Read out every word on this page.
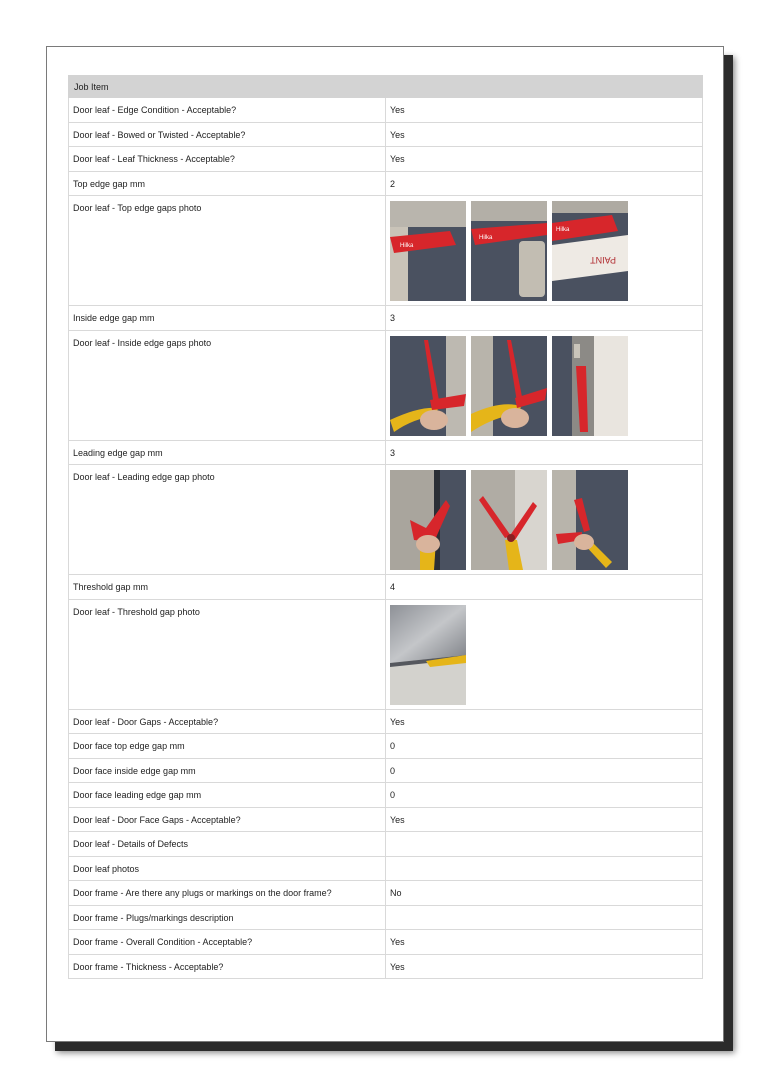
Job Item	
Door leaf - Edge Condition - Acceptable?	Yes
Door leaf - Bowed or Twisted - Acceptable?	Yes
Door leaf - Leaf Thickness - Acceptable?	Yes
Top edge gap mm	2
Door leaf - Top edge gaps photo	Hilka
Hilka
Hilka
PAINT

Inside edge gap mm	3
Door leaf - Inside edge gaps photo	

Leading edge gap mm	3
Door leaf - Leading edge gap photo	

Threshold gap mm	4
Door leaf - Threshold gap photo	

Door leaf - Door Gaps - Acceptable?	Yes
Door face top edge gap mm	0
Door face inside edge gap mm	0
Door face leading edge gap mm	0
Door leaf - Door Face Gaps - Acceptable?	Yes
Door leaf - Details of Defects	
Door leaf photos	
Door frame - Are there any plugs or markings on the door frame?	No
Door frame - Plugs/markings description	
Door frame - Overall Condition - Acceptable?	Yes
Door frame - Thickness - Acceptable?	Yes
